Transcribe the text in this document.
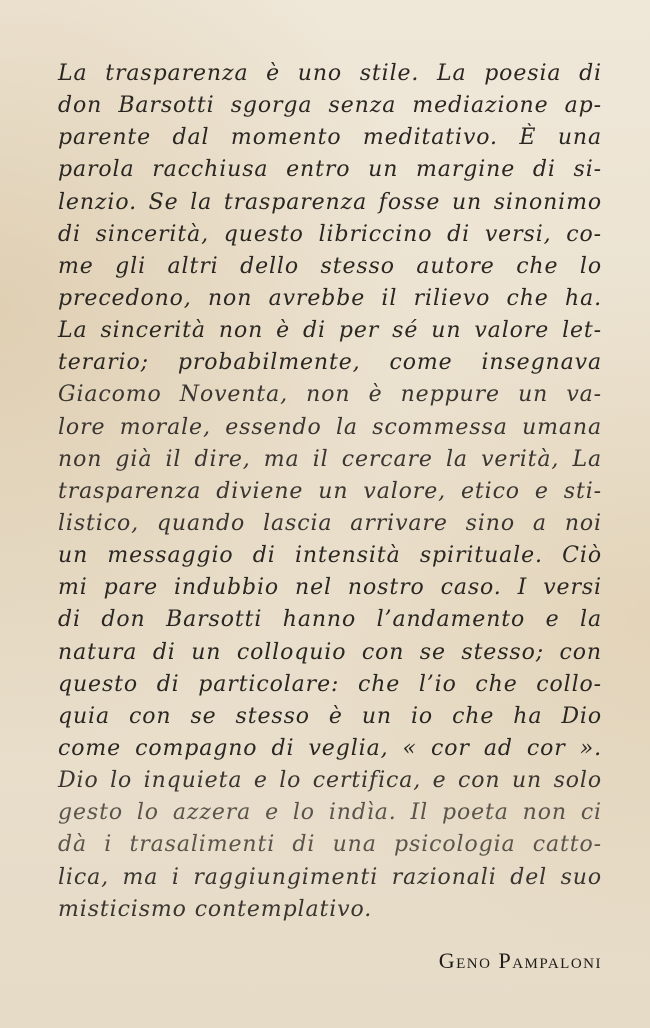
La trasparenza è uno stile. La poesia di
don Barsotti sgorga senza mediazione ap-
parente dal momento meditativo. È una
parola racchiusa entro un margine di si-
lenzio. Se la trasparenza fosse un sinonimo
di sincerità, questo libriccino di versi, co-
me gli altri dello stesso autore che lo
precedono, non avrebbe il rilievo che ha.
La sincerità non è di per sé un valore let-
terario; probabilmente, come insegnava
Giacomo Noventa, non è neppure un va-
lore morale, essendo la scommessa umana
non già il dire, ma il cercare la verità, La
trasparenza diviene un valore, etico e sti-
listico, quando lascia arrivare sino a noi
un messaggio di intensità spirituale. Ciò
mi pare indubbio nel nostro caso. I versi
di don Barsotti hanno l’andamento e la
natura di un colloquio con se stesso; con
questo di particolare: che l’io che collo-
quia con se stesso è un io che ha Dio
come compagno di veglia, « cor ad cor ».
Dio lo inquieta e lo certifica, e con un solo
gesto lo azzera e lo indìa. Il poeta non ci
dà i trasalimenti di una psicologia catto-
lica, ma i raggiungimenti razionali del suo
misticismo contemplativo.
Geno Pampaloni
